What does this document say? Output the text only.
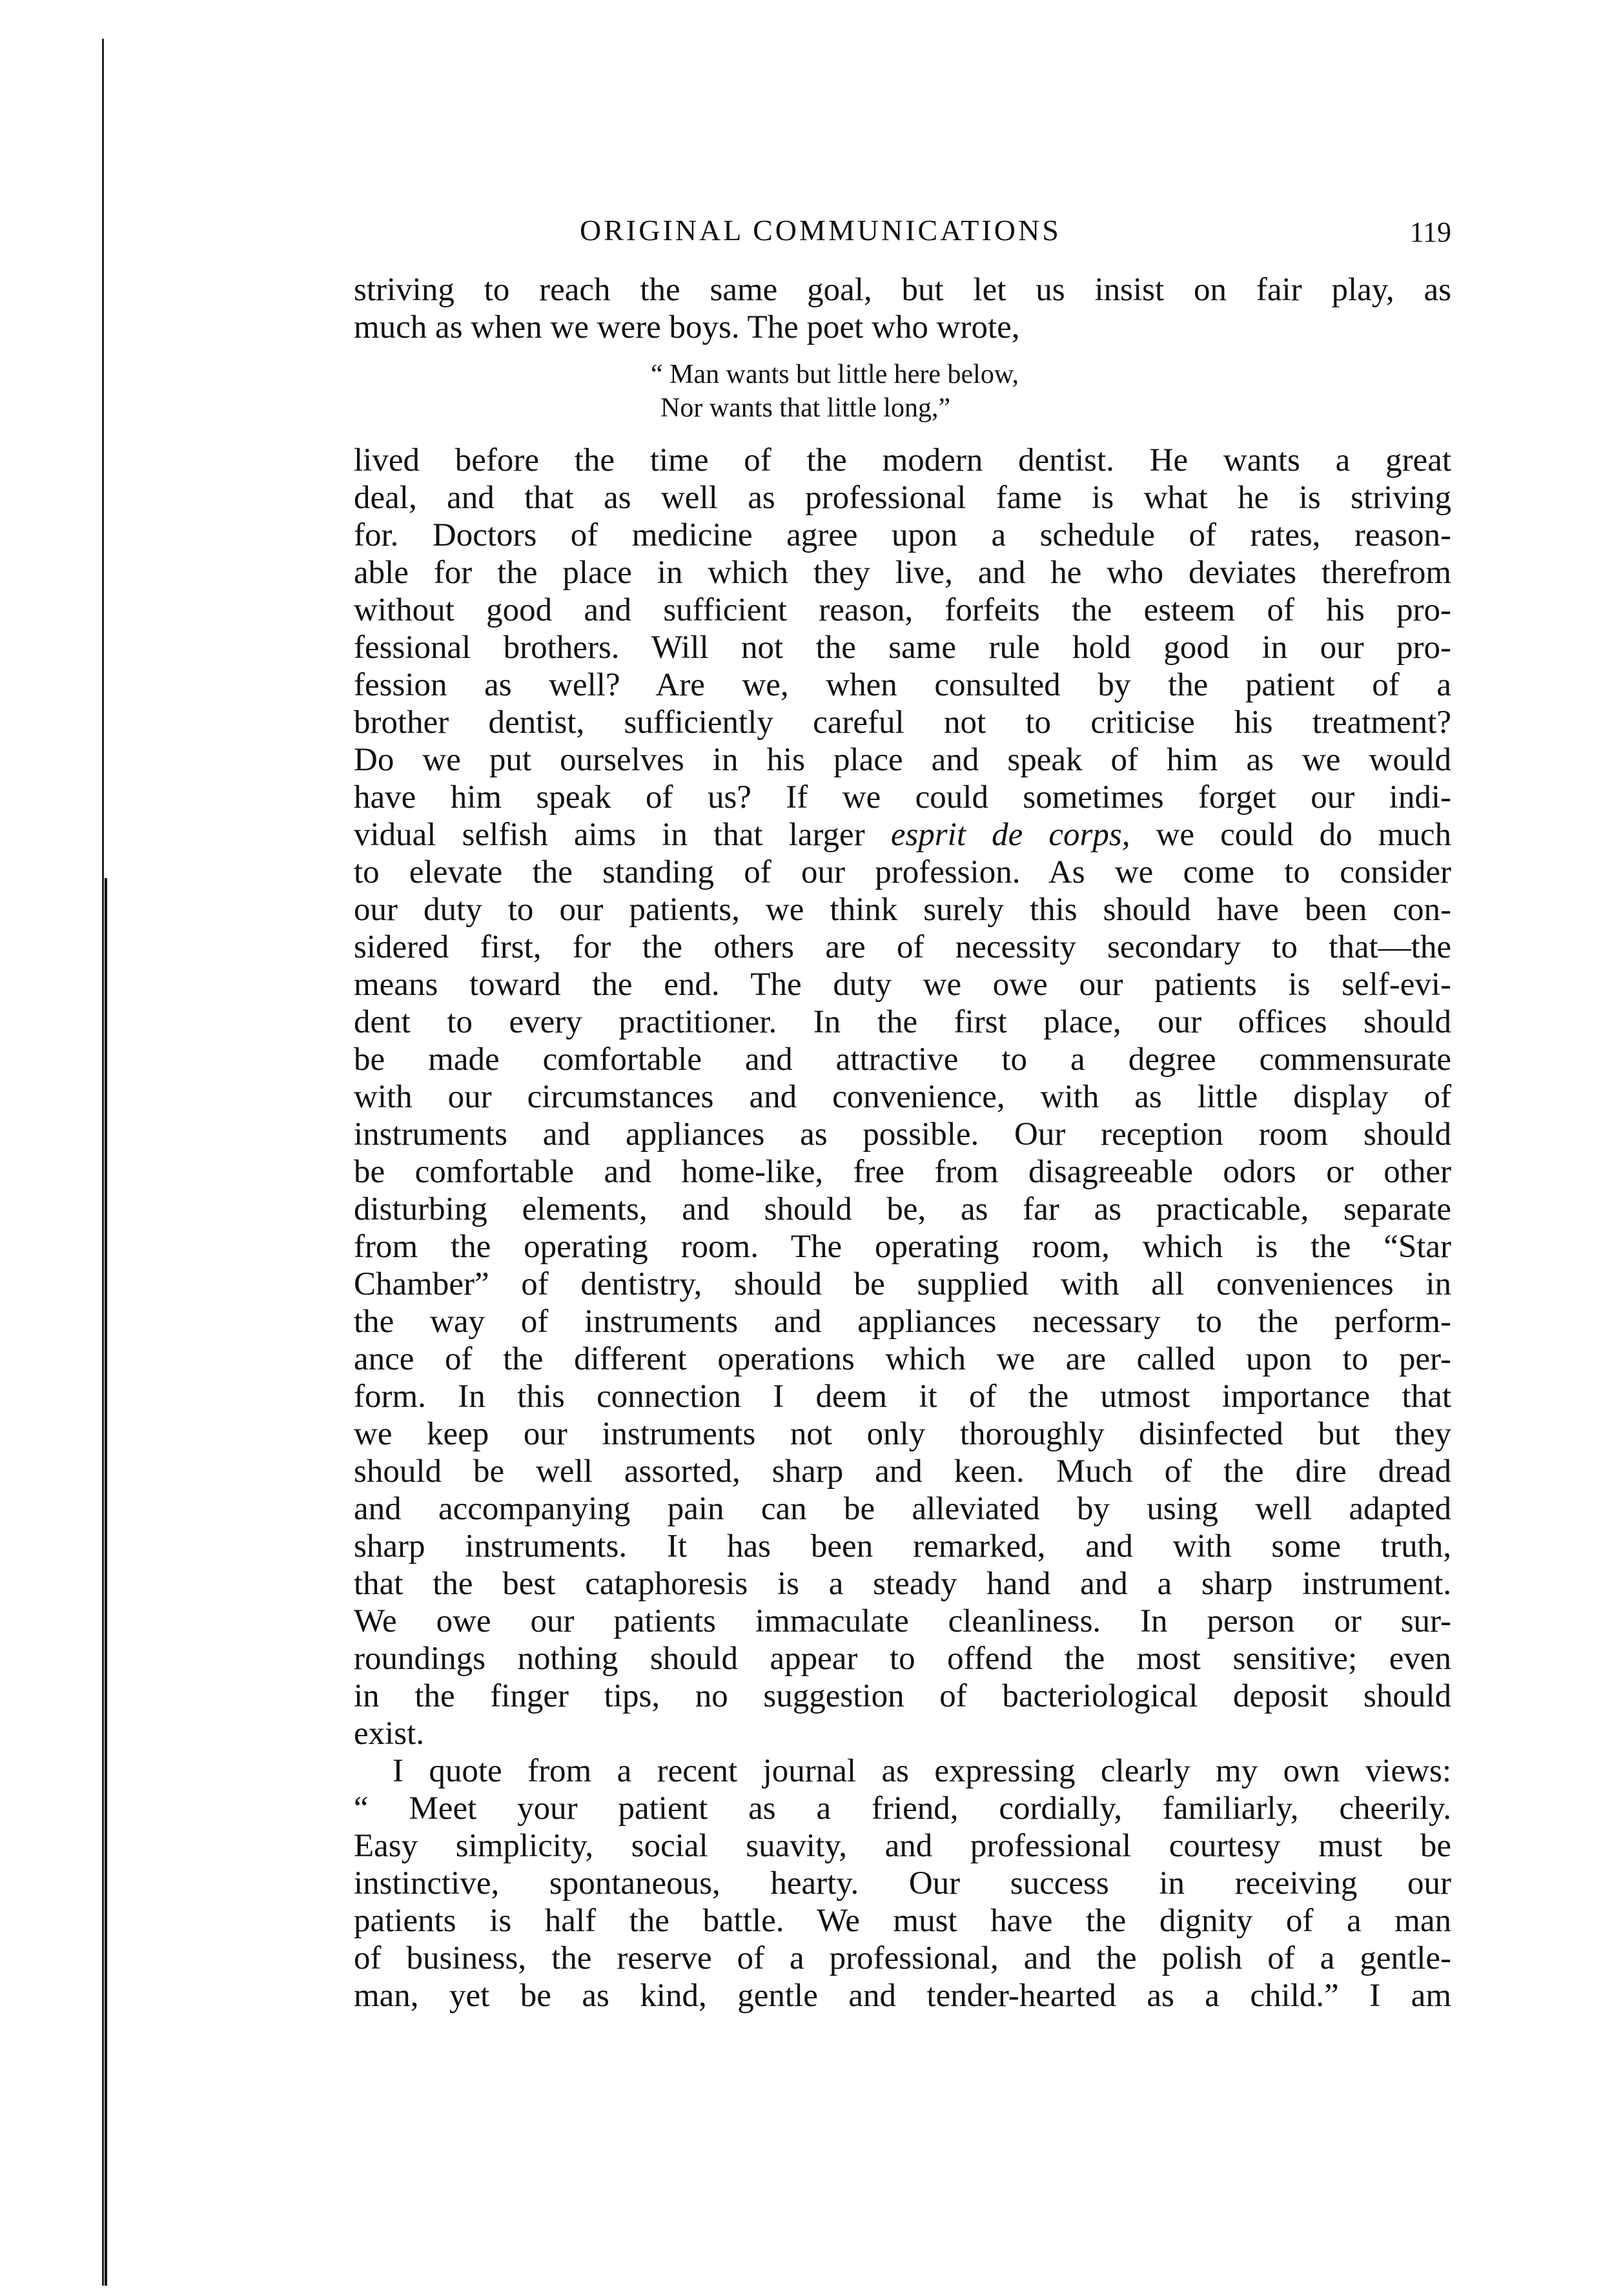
ORIGINAL COMMUNICATIONS	119
striving to reach the same goal, but let us insist on fair play, as
much as when we were boys. The poet who wrote,
“ Man wants but little here below,
Nor wants that little long,”
lived before the time of the modern dentist. He wants a great
deal, and that as well as professional fame is what he is striving
for. Doctors of medicine agree upon a schedule of rates, reason-
able for the place in which they live, and he who deviates therefrom
without good and sufficient reason, forfeits the esteem of his pro-
fessional brothers. Will not the same rule hold good in our pro-
fession as well? Are we, when consulted by the patient of a
brother dentist, sufficiently careful not to criticise his treatment?
Do we put ourselves in his place and speak of him as we would
have him speak of us? If we could sometimes forget our indi-
vidual selfish aims in that larger esprit de corps, we could do much
to elevate the standing of our profession. As we come to consider
our duty to our patients, we think surely this should have been con-
sidered first, for the others are of necessity secondary to that—the
means toward the end. The duty we owe our patients is self-evi-
dent to every practitioner. In the first place, our offices should
be made comfortable and attractive to a degree commensurate
with our circumstances and convenience, with as little display of
instruments and appliances as possible. Our reception room should
be comfortable and home-like, free from disagreeable odors or other
disturbing elements, and should be, as far as practicable, separate
from the operating room. The operating room, which is the “Star
Chamber” of dentistry, should be supplied with all conveniences in
the way of instruments and appliances necessary to the perform-
ance of the different operations which we are called upon to per-
form. In this connection I deem it of the utmost importance that
we keep our instruments not only thoroughly disinfected but they
should be well assorted, sharp and keen. Much of the dire dread
and accompanying pain can be alleviated by using well adapted
sharp instruments. It has been remarked, and with some truth,
that the best cataphoresis is a steady hand and a sharp instrument.
We owe our patients immaculate cleanliness. In person or sur-
roundings nothing should appear to offend the most sensitive; even
in the finger tips, no suggestion of bacteriological deposit should
exist.
I quote from a recent journal as expressing clearly my own views:
“ Meet your patient as a friend, cordially, familiarly, cheerily.
Easy simplicity, social suavity, and professional courtesy must be
instinctive, spontaneous, hearty. Our success in receiving our
patients is half the battle. We must have the dignity of a man
of business, the reserve of a professional, and the polish of a gentle-
man, yet be as kind, gentle and tender-hearted as a child.” I am
